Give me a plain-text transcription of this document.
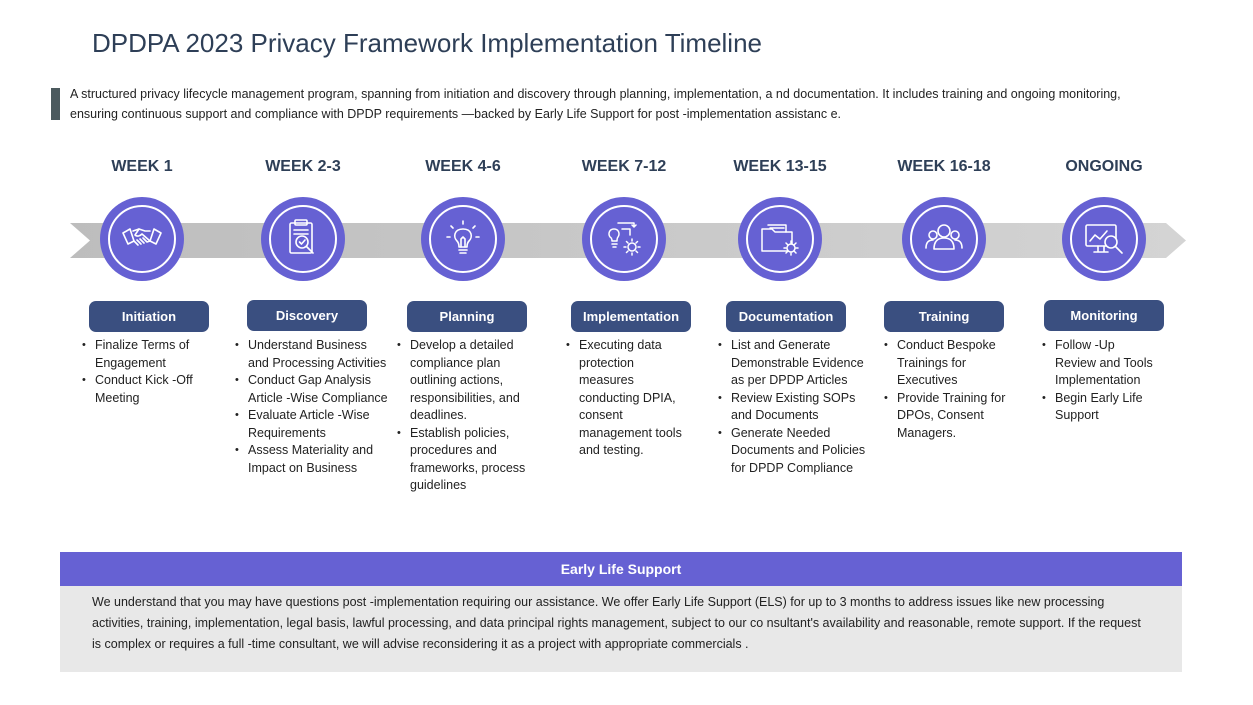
DPDPA 2023 Privacy Framework Implementation Timeline

A structured privacy lifecycle management program, spanning from initiation and discovery through planning, implementation, a nd documentation. It includes training and ongoing monitoring, ensuring continuous support and compliance with DPDP requirements —backed by Early Life Support for post -implementation assistanc e.

WEEK 1
Initiation
• Finalize Terms of Engagement
• Conduct Kick -Off Meeting
WEEK 2-3
Discovery
• Understand Business and Processing Activities
• Conduct Gap Analysis Article -Wise Compliance
• Evaluate Article -Wise Requirements
• Assess Materiality and Impact on Business
WEEK 4-6
Planning
• Develop a detailed compliance plan outlining actions, responsibilities, and deadlines.
• Establish policies, procedures and frameworks, process guidelines
WEEK 7-12
Implementation
• Executing data protection measures conducting DPIA, consent management tools and testing.
WEEK 13-15
Documentation
• List and Generate Demonstrable Evidence as per DPDP Articles
• Review Existing SOPs and Documents
• Generate Needed Documents and Policies for DPDP Compliance
WEEK 16-18
Training
• Conduct Bespoke Trainings for Executives
• Provide Training for DPOs, Consent Managers.
ONGOING
Monitoring
• Follow -Up Review and Tools Implementation
• Begin Early Life Support
Early Life Support

We understand that you may have questions post -implementation requiring our assistance. We offer Early Life Support (ELS) for up to 3 months to address issues like new processing activities, training, implementation, legal basis, lawful processing, and data principal rights management, subject to our co nsultant's availability and reasonable, remote support. If the request is complex or requires a full -time consultant, we will advise reconsidering it as a project with appropriate commercials .
